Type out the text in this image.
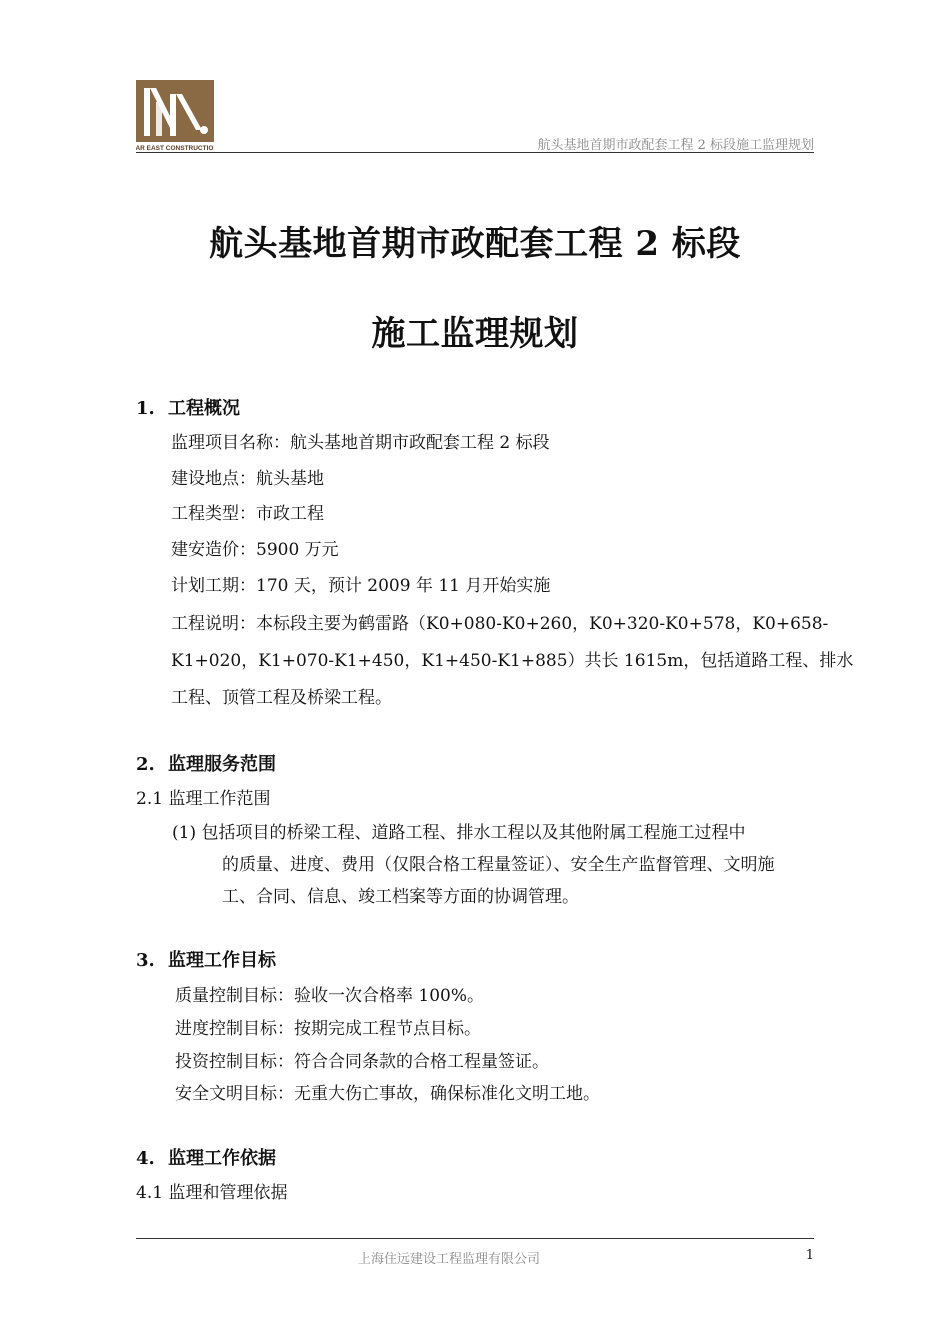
FAR EAST CONSTRUCTION	航头基地首期市政配套工程 2 标段施工监理规划
航头基地首期市政配套工程 2 标段
施工监理规划
1. 工程概况
监理项目名称：航头基地首期市政配套工程 2 标段
建设地点：航头基地
工程类型：市政工程
建安造价：5900 万元
计划工期：170 天，预计 2009 年 11 月开始实施
工程说明：本标段主要为鹤雷路（K0+080-K0+260，K0+320-K0+578，K0+658-
K1+020，K1+070-K1+450，K1+450-K1+885）共长 1615m，包括道路工程、排水
工程、顶管工程及桥梁工程。
2. 监理服务范围
2.1 监理工作范围
(1) 包括项目的桥梁工程、道路工程、排水工程以及其他附属工程施工过程中
的质量、进度、费用（仅限合格工程量签证）、安全生产监督管理、文明施
工、合同、信息、竣工档案等方面的协调管理。
3. 监理工作目标
质量控制目标：验收一次合格率 100%。
进度控制目标：按期完成工程节点目标。
投资控制目标：符合合同条款的合格工程量签证。
安全文明目标：无重大伤亡事故，确保标准化文明工地。
4. 监理工作依据
4.1 监理和管理依据
上海住远建设工程监理有限公司	1
